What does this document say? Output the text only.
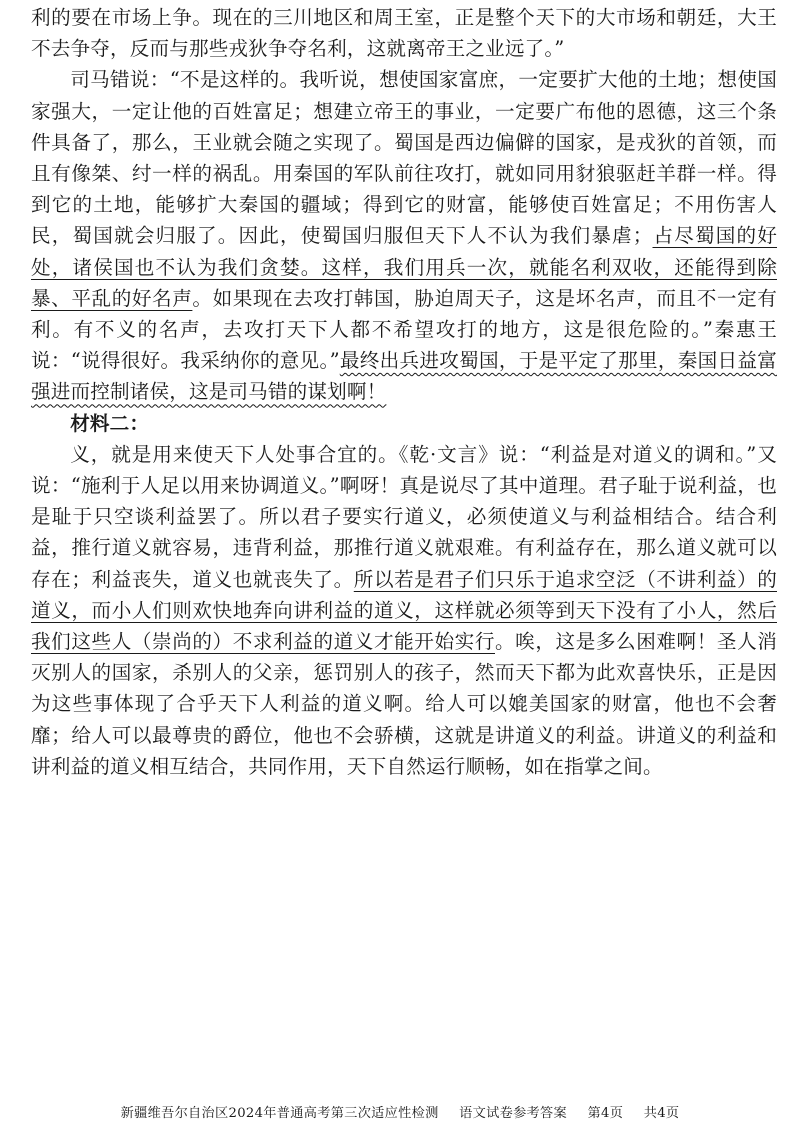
利的要在市场上争。现在的三川地区和周王室，正是整个天下的大市场和朝廷，大王不去争夺，反而与那些戎狄争夺名利，这就离帝王之业远了。”

司马错说：“不是这样的。我听说，想使国家富庶，一定要扩大他的土地；想使国家强大，一定让他的百姓富足；想建立帝王的事业，一定要广布他的恩德，这三个条件具备了，那么，王业就会随之实现了。蜀国是西边偏僻的国家，是戎狄的首领，而且有像桀、纣一样的祸乱。用秦国的军队前往攻打，就如同用豺狼驱赶羊群一样。得到它的土地，能够扩大秦国的疆域；得到它的财富，能够使百姓富足；不用伤害人民，蜀国就会归服了。因此，使蜀国归服但天下人不认为我们暴虐；占尽蜀国的好处，诸侯国也不认为我们贪婪。这样，我们用兵一次，就能名利双收，还能得到除暴、平乱的好名声。如果现在去攻打韩国，胁迫周天子，这是坏名声，而且不一定有利。有不义的名声，去攻打天下人都不希望攻打的地方，这是很危险的。”秦惠王说：“说得很好。我采纳你的意见。”最终出兵进攻蜀国，于是平定了那里，秦国日益富强进而控制诸侯，这是司马错的谋划啊！

材料二：

义，就是用来使天下人处事合宜的。《乾·文言》说：“利益是对道义的调和。”又说：“施利于人足以用来协调道义。”啊呀！真是说尽了其中道理。君子耻于说利益，也是耻于只空谈利益罢了。所以君子要实行道义，必须使道义与利益相结合。结合利益，推行道义就容易，违背利益，那推行道义就艰难。有利益存在，那么道义就可以存在；利益丧失，道义也就丧失了。所以若是君子们只乐于追求空泛（不讲利益）的道义，而小人们则欢快地奔向讲利益的道义，这样就必须等到天下没有了小人，然后我们这些人（崇尚的）不求利益的道义才能开始实行。唉，这是多么困难啊！圣人消灭别人的国家，杀别人的父亲，惩罚别人的孩子，然而天下都为此欢喜快乐，正是因为这些事体现了合乎天下人利益的道义啊。给人可以媲美国家的财富，他也不会奢靡；给人可以最尊贵的爵位，他也不会骄横，这就是讲道义的利益。讲道义的利益和讲利益的道义相互结合，共同作用，天下自然运行顺畅，如在指掌之间。

新疆维吾尔自治区2024年普通高考第三次适应性检测 语文试卷参考答案 第4页 共4页
